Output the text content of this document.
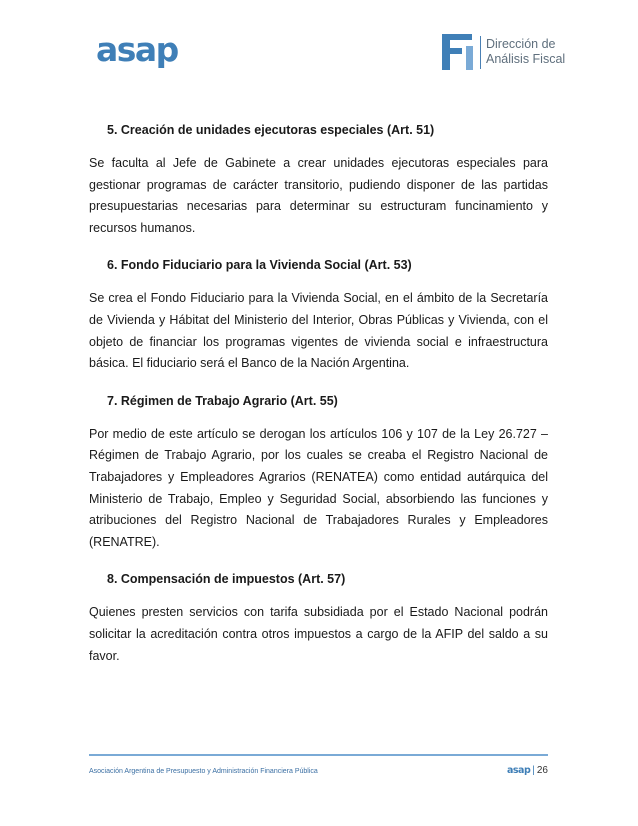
asap	Dirección de
Análisis Fiscal
5. Creación de unidades ejecutoras especiales (Art. 51)
Se faculta al Jefe de Gabinete a crear unidades ejecutoras especiales para gestionar programas de carácter transitorio, pudiendo disponer de las partidas presupuestarias necesarias para determinar su estructuram funcinamiento y recursos humanos.
6. Fondo Fiduciario para la Vivienda Social (Art. 53)
Se crea el Fondo Fiduciario para la Vivienda Social, en el ámbito de la Secretaría de Vivienda y Hábitat del Ministerio del Interior, Obras Públicas y Vivienda, con el objeto de financiar los programas vigentes de vivienda social e infraestructura básica. El fiduciario será el Banco de la Nación Argentina.
7. Régimen de Trabajo Agrario (Art. 55)
Por medio de este artículo se derogan los artículos 106 y 107 de la Ley 26.727 – Régimen de Trabajo Agrario, por los cuales se creaba el Registro Nacional de Trabajadores y Empleadores Agrarios (RENATEA) como entidad autárquica del Ministerio de Trabajo, Empleo y Seguridad Social, absorbiendo las funciones y atribuciones del Registro Nacional de Trabajadores Rurales y Empleadores (RENATRE).
8. Compensación de impuestos (Art. 57)
Quienes presten servicios con tarifa subsidiada por el Estado Nacional podrán solicitar la acreditación contra otros impuestos a cargo de la AFIP del saldo a su favor.
Asociación Argentina de Presupuesto y Administración Financiera Pública	asap | 26
